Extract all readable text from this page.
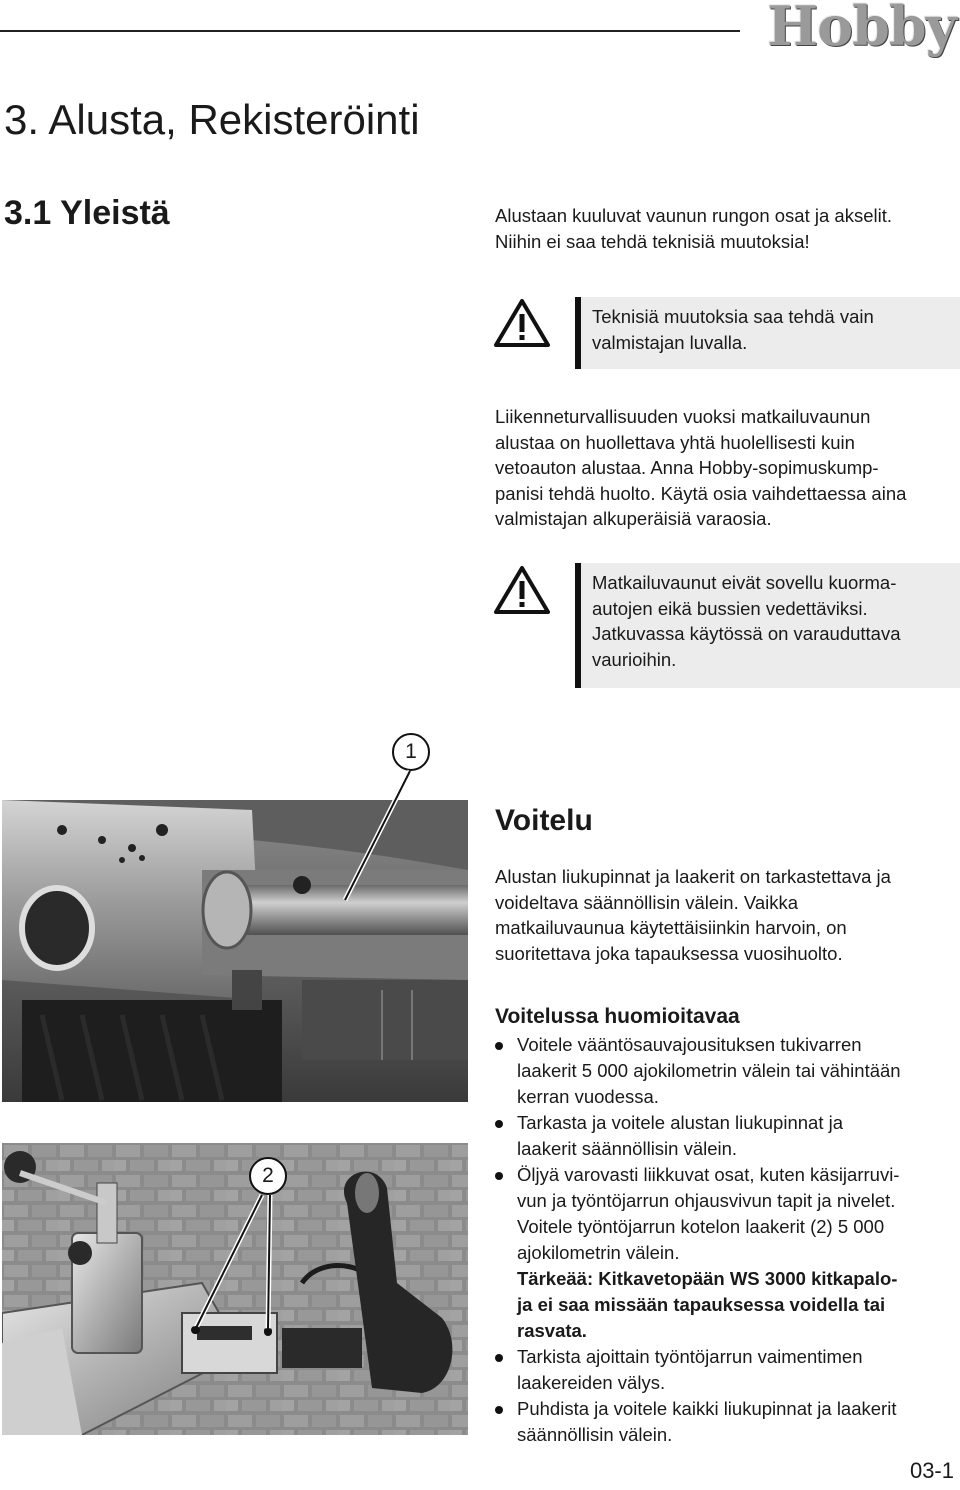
Hobby
3. Alusta, Rekisteröinti
3.1 Yleistä	Alustaan kuuluvat vaunun rungon osat ja akselit.
Niihin ei saa tehdä teknisiä muutoksia!
Teknisiä muutoksia saa tehdä vain
valmistajan luvalla.
Liikenneturvallisuuden vuoksi matkailuvaunun
alustaa on huollettava yhtä huolellisesti kuin
vetoauton alustaa. Anna Hobby-sopimuskump-
panisi tehdä huolto. Käytä osia vaihdettaessa aina
valmistajan alkuperäisiä varaosia.
Matkailuvaunut eivät sovellu kuorma-
autojen eikä bussien vedettäviksi.
Jatkuvassa käytössä on varauduttava
vaurioihin.
1
2
Voitelu
Alustan liukupinnat ja laakerit on tarkastettava ja
voideltava säännöllisin välein. Vaikka
matkailuvaunua käytettäisiinkin harvoin, on
suoritettava joka tapauksessa vuosihuolto.
Voitelussa huomioitavaa
Voitele vääntösauvajousituksen tukivarren
laakerit 5 000 ajokilometrin välein tai vähintään
kerran vuodessa.
Tarkasta ja voitele alustan liukupinnat ja
laakerit säännöllisin välein.
Öljyä varovasti liikkuvat osat, kuten käsijarruvi-
vun ja työntöjarrun ohjausvivun tapit ja nivelet.
Voitele työntöjarrun kotelon laakerit (2) 5 000
ajokilometrin välein.
Tärkeää: Kitkavetopään WS 3000 kitkapalo-
ja ei saa missään tapauksessa voidella tai
rasvata.
Tarkista ajoittain työntöjarrun vaimentimen
laakereiden välys.
Puhdista ja voitele kaikki liukupinnat ja laakerit
säännöllisin välein.
03-1
